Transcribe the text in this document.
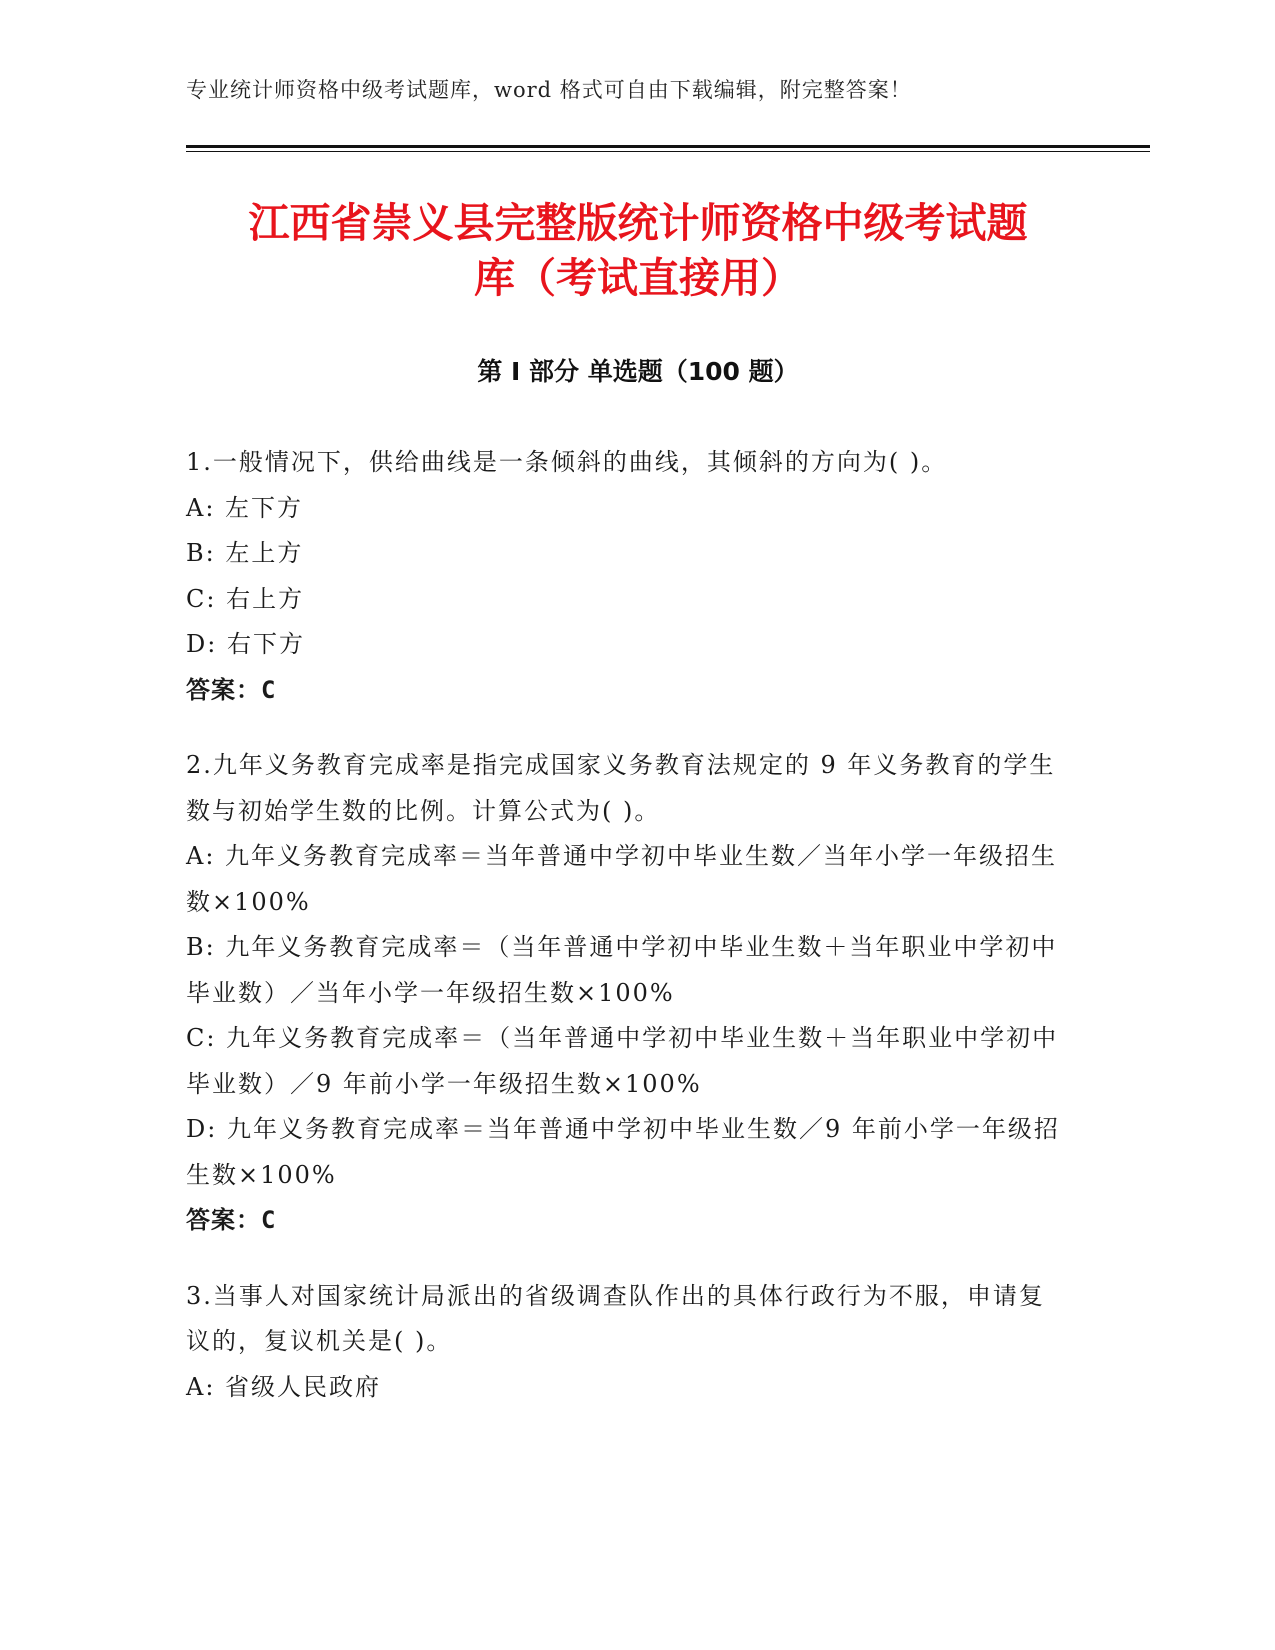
专业统计师资格中级考试题库，word 格式可自由下载编辑，附完整答案！
江西省崇义县完整版统计师资格中级考试题
库（考试直接用）
第 I 部分 单选题（100 题）

1.一般情况下，供给曲线是一条倾斜的曲线，其倾斜的方向为( )。

A: 左下方

B: 左上方

C: 右上方

D: 右下方

答案：C

2.九年义务教育完成率是指完成国家义务教育法规定的 9 年义务教育的学生数与初始学生数的比例。计算公式为( )。

A: 九年义务教育完成率＝当年普通中学初中毕业生数／当年小学一年级招生数×100%

B: 九年义务教育完成率＝（当年普通中学初中毕业生数＋当年职业中学初中毕业数）／当年小学一年级招生数×100%

C: 九年义务教育完成率＝（当年普通中学初中毕业生数＋当年职业中学初中毕业数）／9 年前小学一年级招生数×100%

D: 九年义务教育完成率＝当年普通中学初中毕业生数／9 年前小学一年级招生数×100%

答案：C

3.当事人对国家统计局派出的省级调查队作出的具体行政行为不服，申请复议的，复议机关是( )。

A: 省级人民政府
